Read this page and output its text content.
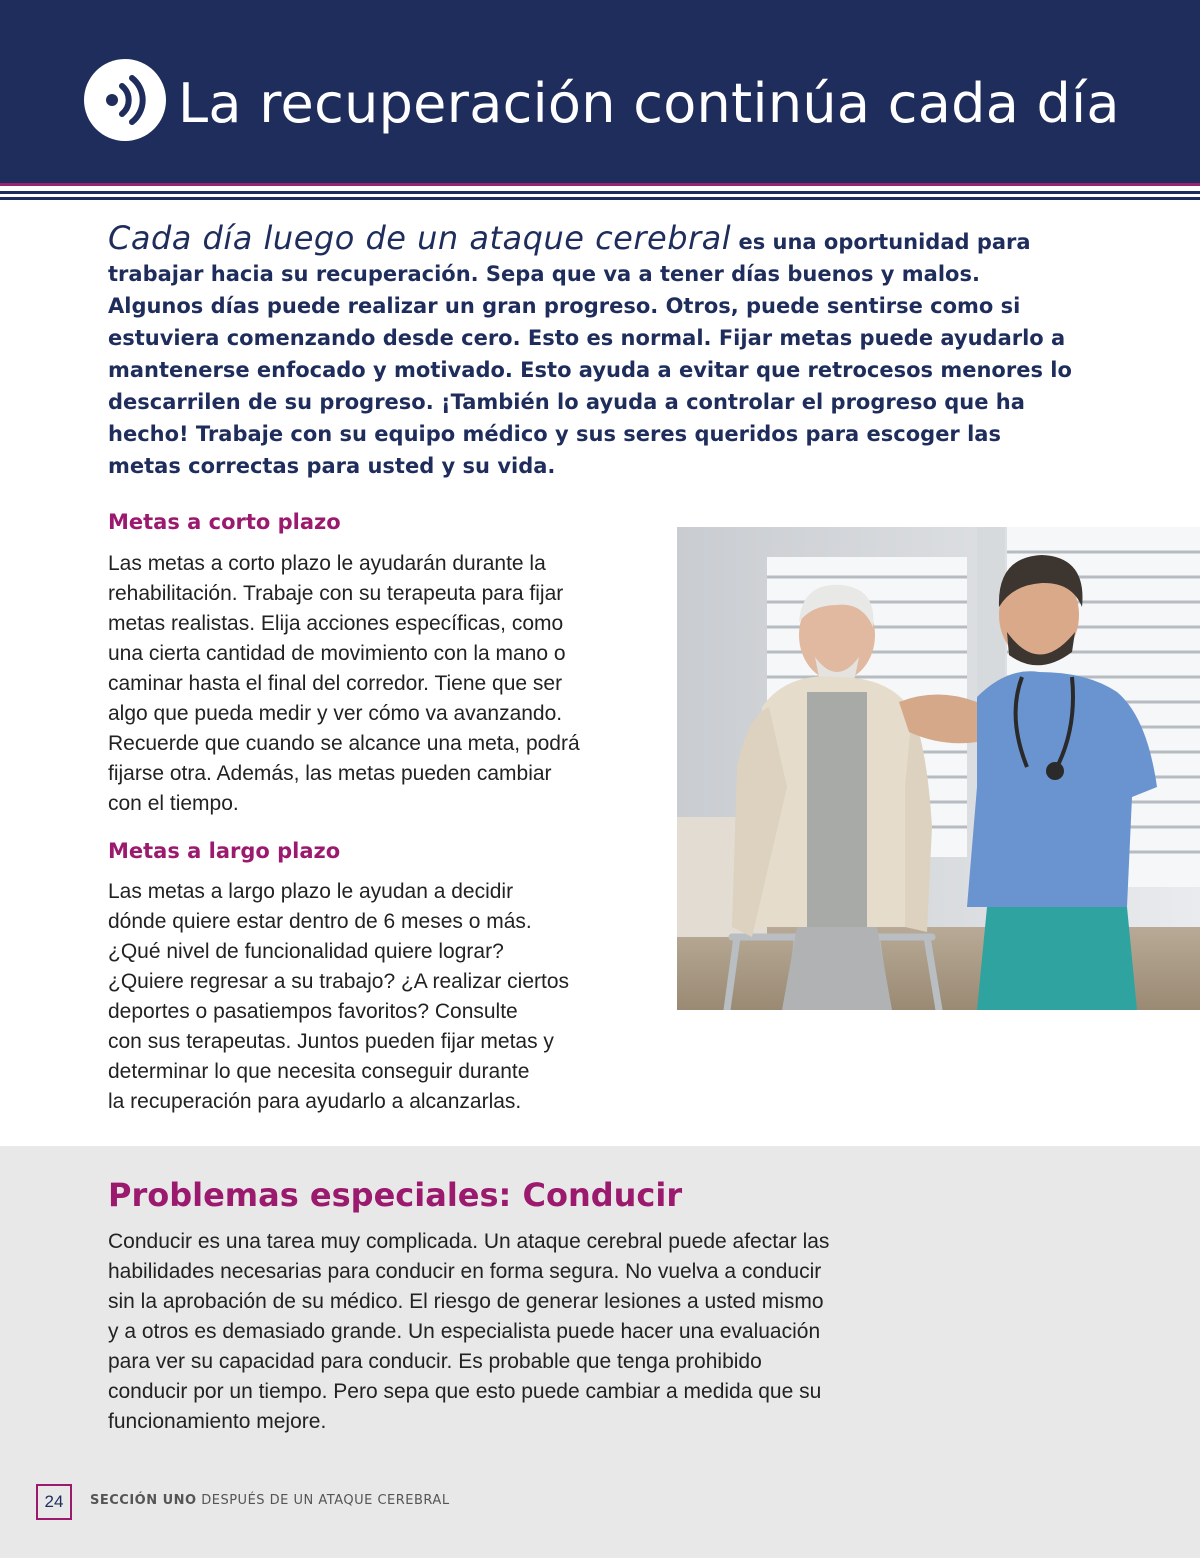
La recuperación continúa cada día

Cada día luego de un ataque cerebral es una oportunidad para trabajar hacia su recuperación. Sepa que va a tener días buenos y malos. Algunos días puede realizar un gran progreso. Otros, puede sentirse como si estuviera comenzando desde cero. Esto es normal. Fijar metas puede ayudarlo a mantenerse enfocado y motivado. Esto ayuda a evitar que retrocesos menores lo descarrilen de su progreso. ¡También lo ayuda a controlar el progreso que ha hecho! Trabaje con su equipo médico y sus seres queridos para escoger las metas correctas para usted y su vida.

Metas a corto plazo
Las metas a corto plazo le ayudarán durante la
rehabilitación. Trabaje con su terapeuta para fijar
metas realistas. Elija acciones específicas, como
una cierta cantidad de movimiento con la mano o
caminar hasta el final del corredor. Tiene que ser
algo que pueda medir y ver cómo va avanzando.
Recuerde que cuando se alcance una meta, podrá
fijarse otra. Además, las metas pueden cambiar
con el tiempo.
Metas a largo plazo
Las metas a largo plazo le ayudan a decidir
dónde quiere estar dentro de 6 meses o más.
¿Qué nivel de funcionalidad quiere lograr?
¿Quiere regresar a su trabajo? ¿A realizar ciertos
deportes o pasatiempos favoritos? Consulte
con sus terapeutas. Juntos pueden fijar metas y
determinar lo que necesita conseguir durante
la recuperación para ayudarlo a alcanzarlas.
Problemas especiales: Conducir
Conducir es una tarea muy complicada. Un ataque cerebral puede afectar las
habilidades necesarias para conducir en forma segura. No vuelva a conducir
sin la aprobación de su médico. El riesgo de generar lesiones a usted mismo
y a otros es demasiado grande. Un especialista puede hacer una evaluación
para ver su capacidad para conducir. Es probable que tenga prohibido
conducir por un tiempo. Pero sepa que esto puede cambiar a medida que su
funcionamiento mejore.
24	SECCIÓN UNO DESPUÉS DE UN ATAQUE CEREBRAL
